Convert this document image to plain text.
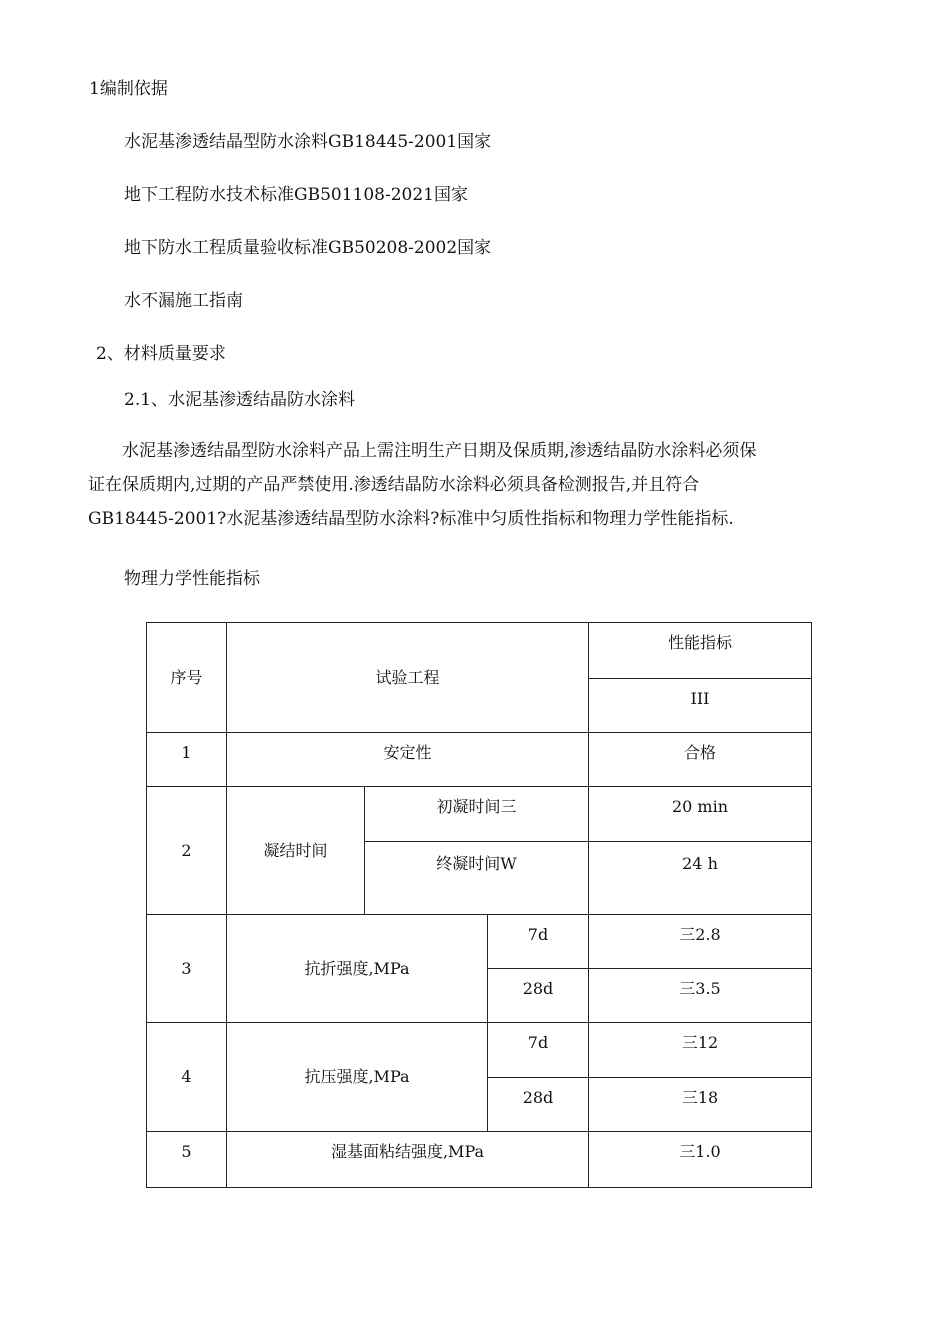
1编制依据
水泥基渗透结晶型防水涂料GB18445-2001国家
地下工程防水技术标准GB501108-2021国家
地下防水工程质量验收标准GB50208-2002国家
水不漏施工指南
2、材料质量要求
2.1、水泥基渗透结晶防水涂料
水泥基渗透结晶型防水涂料产品上需注明生产日期及保质期,渗透结晶防水涂料必须保
证在保质期内,过期的产品严禁使用.渗透结晶防水涂料必须具备检测报告,并且符合
GB18445-2001?水泥基渗透结晶型防水涂料?标准中匀质性指标和物理力学性能指标.
物理力学性能指标
序号	试验工程			性能指标
				III
1	安定性			合格
2	凝结时间	初凝时间三		20 min
		终凝时间W		24 h
3	抗折强度,MPa		7d	三2.8
			28d	三3.5
4	抗压强度,MPa		7d	三12
			28d	三18
5	湿基面粘结强度,MPa			三1.0
